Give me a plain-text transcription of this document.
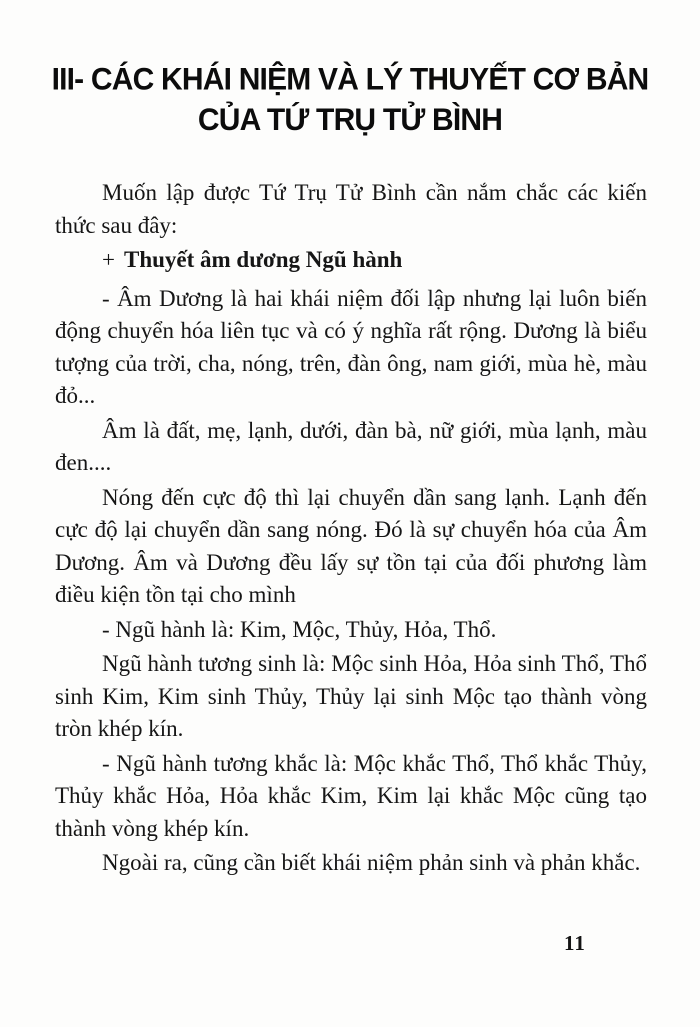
III- CÁC KHÁI NIỆM VÀ LÝ THUYẾT CƠ BẢN
CỦA TỨ TRỤ TỬ BÌNH

Muốn lập được Tứ Trụ Tử Bình cần nắm chắc các kiến thức sau đây:

+ Thuyết âm dương Ngũ hành

- Âm Dương là hai khái niệm đối lập nhưng lại luôn biến động chuyển hóa liên tục và có ý nghĩa rất rộng. Dương là biểu tượng của trời, cha, nóng, trên, đàn ông, nam giới, mùa hè, màu đỏ...

Âm là đất, mẹ, lạnh, dưới, đàn bà, nữ giới, mùa lạnh, màu đen....

Nóng đến cực độ thì lại chuyển dần sang lạnh. Lạnh đến cực độ lại chuyển dần sang nóng. Đó là sự chuyển hóa của Âm Dương. Âm và Dương đều lấy sự tồn tại của đối phương làm điều kiện tồn tại cho mình

- Ngũ hành là: Kim, Mộc, Thủy, Hỏa, Thổ.

Ngũ hành tương sinh là: Mộc sinh Hỏa, Hỏa sinh Thổ, Thổ sinh Kim, Kim sinh Thủy, Thủy lại sinh Mộc tạo thành vòng tròn khép kín.

- Ngũ hành tương khắc là: Mộc khắc Thổ, Thổ khắc Thủy, Thủy khắc Hỏa, Hỏa khắc Kim, Kim lại khắc Mộc cũng tạo thành vòng khép kín.

Ngoài ra, cũng cần biết khái niệm phản sinh và phản khắc.

11
